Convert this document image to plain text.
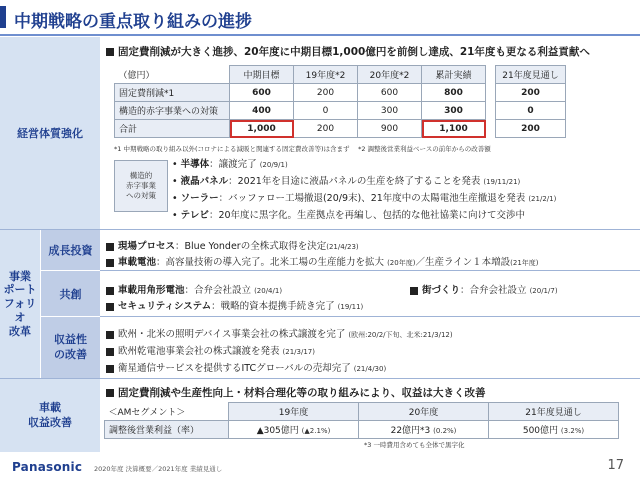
中期戦略の重点取り組みの進捗
経営体質強化
事業
ポート
フォリオ
改革
成長投資
共創
収益性
の改善
車載
収益改善
固定費削減が大きく進捗、20年度に中期目標1,000億円を前倒し達成、21年度も更なる利益貢献へ
（億円）	中期目標	19年度*2	20年度*2	累計実績		21年度見通し
固定費削減*1	600	200	600	800		200
構造的赤字事業への対策	400	0	300	300		0
合計	1,000	200	900	1,100		200
*1 中期戦略の取り組み以外(コロナによる減販と関連する固定費改善等)は含まず　 *2 調整後営業利益ベースの前年からの改善額
構造的
赤字事業
への対策
• 半導体：譲渡完了 (20/9/1)
• 液晶パネル：2021年を目途に液晶パネルの生産を終了することを発表 (19/11/21)
• ソーラー：バッファロー工場撤退(20/9末)、21年度中の太陽電池生産撤退を発表 (21/2/1)
• テレビ：20年度に黒字化。生産拠点を再編し、包括的な他社協業に向けて交渉中
現場プロセス：Blue Yonderの全株式取得を決定(21/4/23)
車載電池：高容量技術の導入完了。北米工場の生産能力を拡大 (20年度)／生産ライン１本増設(21年度)
車載用角形電池：合弁会社設立 (20/4/1)	街づくり：合弁会社設立 (20/1/7)
セキュリティシステム：戦略的資本提携手続き完了 (19/11)
欧州・北米の照明デバイス事業会社の株式譲渡を完了 (欧州:20/2/下旬、北米:21/3/12)
欧州乾電池事業会社の株式譲渡を発表 (21/3/17)
衛星通信サービスを提供するITCグローバルの売却完了 (21/4/30)
固定費削減や生産性向上・材料合理化等の取り組みにより、収益は大きく改善
＜AMセグメント＞	19年度	20年度	21年度見通し
調整後営業利益（率）	▲305億円 (▲2.1%)	22億円*3 (0.2%)	500億円 (3.2%)
*3 一時費用含めても全体で黒字化
Panasonic 2020年度 決算概要／2021年度 業績見通し	17
